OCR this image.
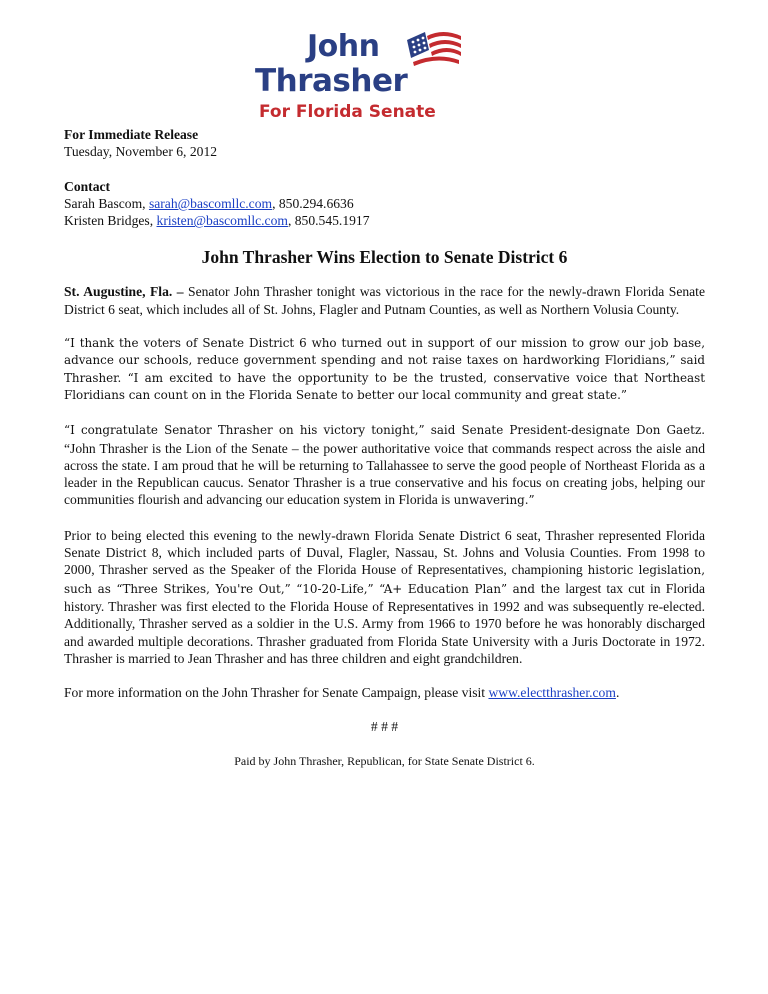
John
Thrasher
For Florida Senate

For Immediate Release

Tuesday, November 6, 2012

Contact

Sarah Bascom, sarah@bascomllc.com, 850.294.6636

Kristen Bridges, kristen@bascomllc.com, 850.545.1917

John Thrasher Wins Election to Senate District 6

St. Augustine, Fla. – Senator John Thrasher tonight was victorious in the race for the newly-drawn Florida Senate District 6 seat, which includes all of St. Johns, Flagler and Putnam Counties, as well as Northern Volusia County.

“I thank the voters of Senate District 6 who turned out in support of our mission to grow our job base, advance our schools, reduce government spending and not raise taxes on hardworking Floridians,” said Thrasher. “I am excited to have the opportunity to be the trusted, conservative voice that Northeast Floridians can count on in the Florida Senate to better our local community and great state.”

“I congratulate Senator Thrasher on his victory tonight,” said Senate President-designate Don Gaetz. “John Thrasher is the Lion of the Senate – the power authoritative voice that commands respect across the aisle and across the state. I am proud that he will be returning to Tallahassee to serve the good people of Northeast Florida as a leader in the Republican caucus. Senator Thrasher is a true conservative and his focus on creating jobs, helping our communities flourish and advancing our education system in Florida is unwavering.”

Prior to being elected this evening to the newly-drawn Florida Senate District 6 seat, Thrasher represented Florida Senate District 8, which included parts of Duval, Flagler, Nassau, St. Johns and Volusia Counties. From 1998 to 2000, Thrasher served as the Speaker of the Florida House of Representatives, championing historic legislation, such as “Three Strikes, You're Out,” “10-20-Life,” “A+ Education Plan” and the largest tax cut in Florida history. Thrasher was first elected to the Florida House of Representatives in 1992 and was subsequently re-elected. Additionally, Thrasher served as a soldier in the U.S. Army from 1966 to 1970 before he was honorably discharged and awarded multiple decorations. Thrasher graduated from Florida State University with a Juris Doctorate in 1972. Thrasher is married to Jean Thrasher and has three children and eight grandchildren.

For more information on the John Thrasher for Senate Campaign, please visit www.electthrasher.com.

# # #

Paid by John Thrasher, Republican, for State Senate District 6.
